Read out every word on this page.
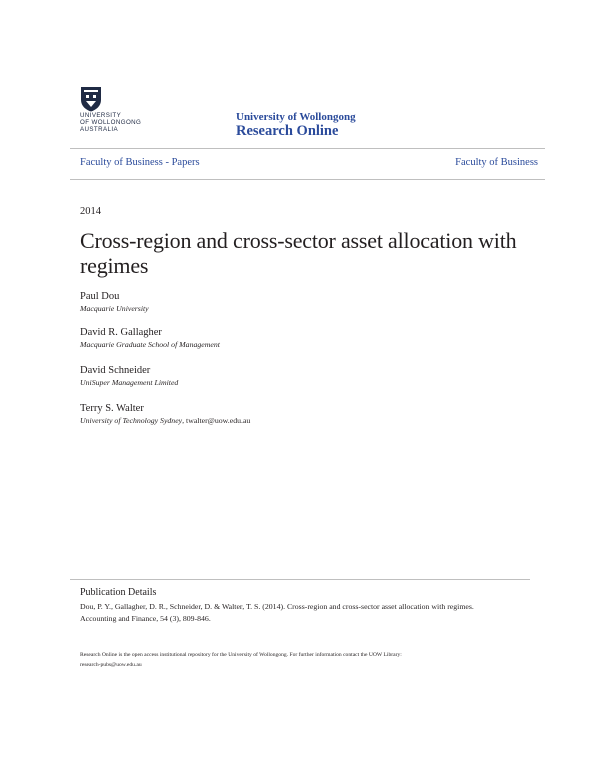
UNIVERSITY
OF WOLLONGONG
AUSTRALIA
University of Wollongong
Research Online
Faculty of Business - Papers	Faculty of Business
2014
Cross-region and cross-sector asset allocation with regimes
Paul Dou
Macquarie University
David R. Gallagher
Macquarie Graduate School of Management
David Schneider
UniSuper Management Limited
Terry S. Walter
University of Technology Sydney, twalter@uow.edu.au
Publication Details
Dou, P. Y., Gallagher, D. R., Schneider, D. & Walter, T. S. (2014). Cross-region and cross-sector asset allocation with regimes.
Accounting and Finance, 54 (3), 809-846.
Research Online is the open access institutional repository for the University of Wollongong. For further information contact the UOW Library:
research-pubs@uow.edu.au
